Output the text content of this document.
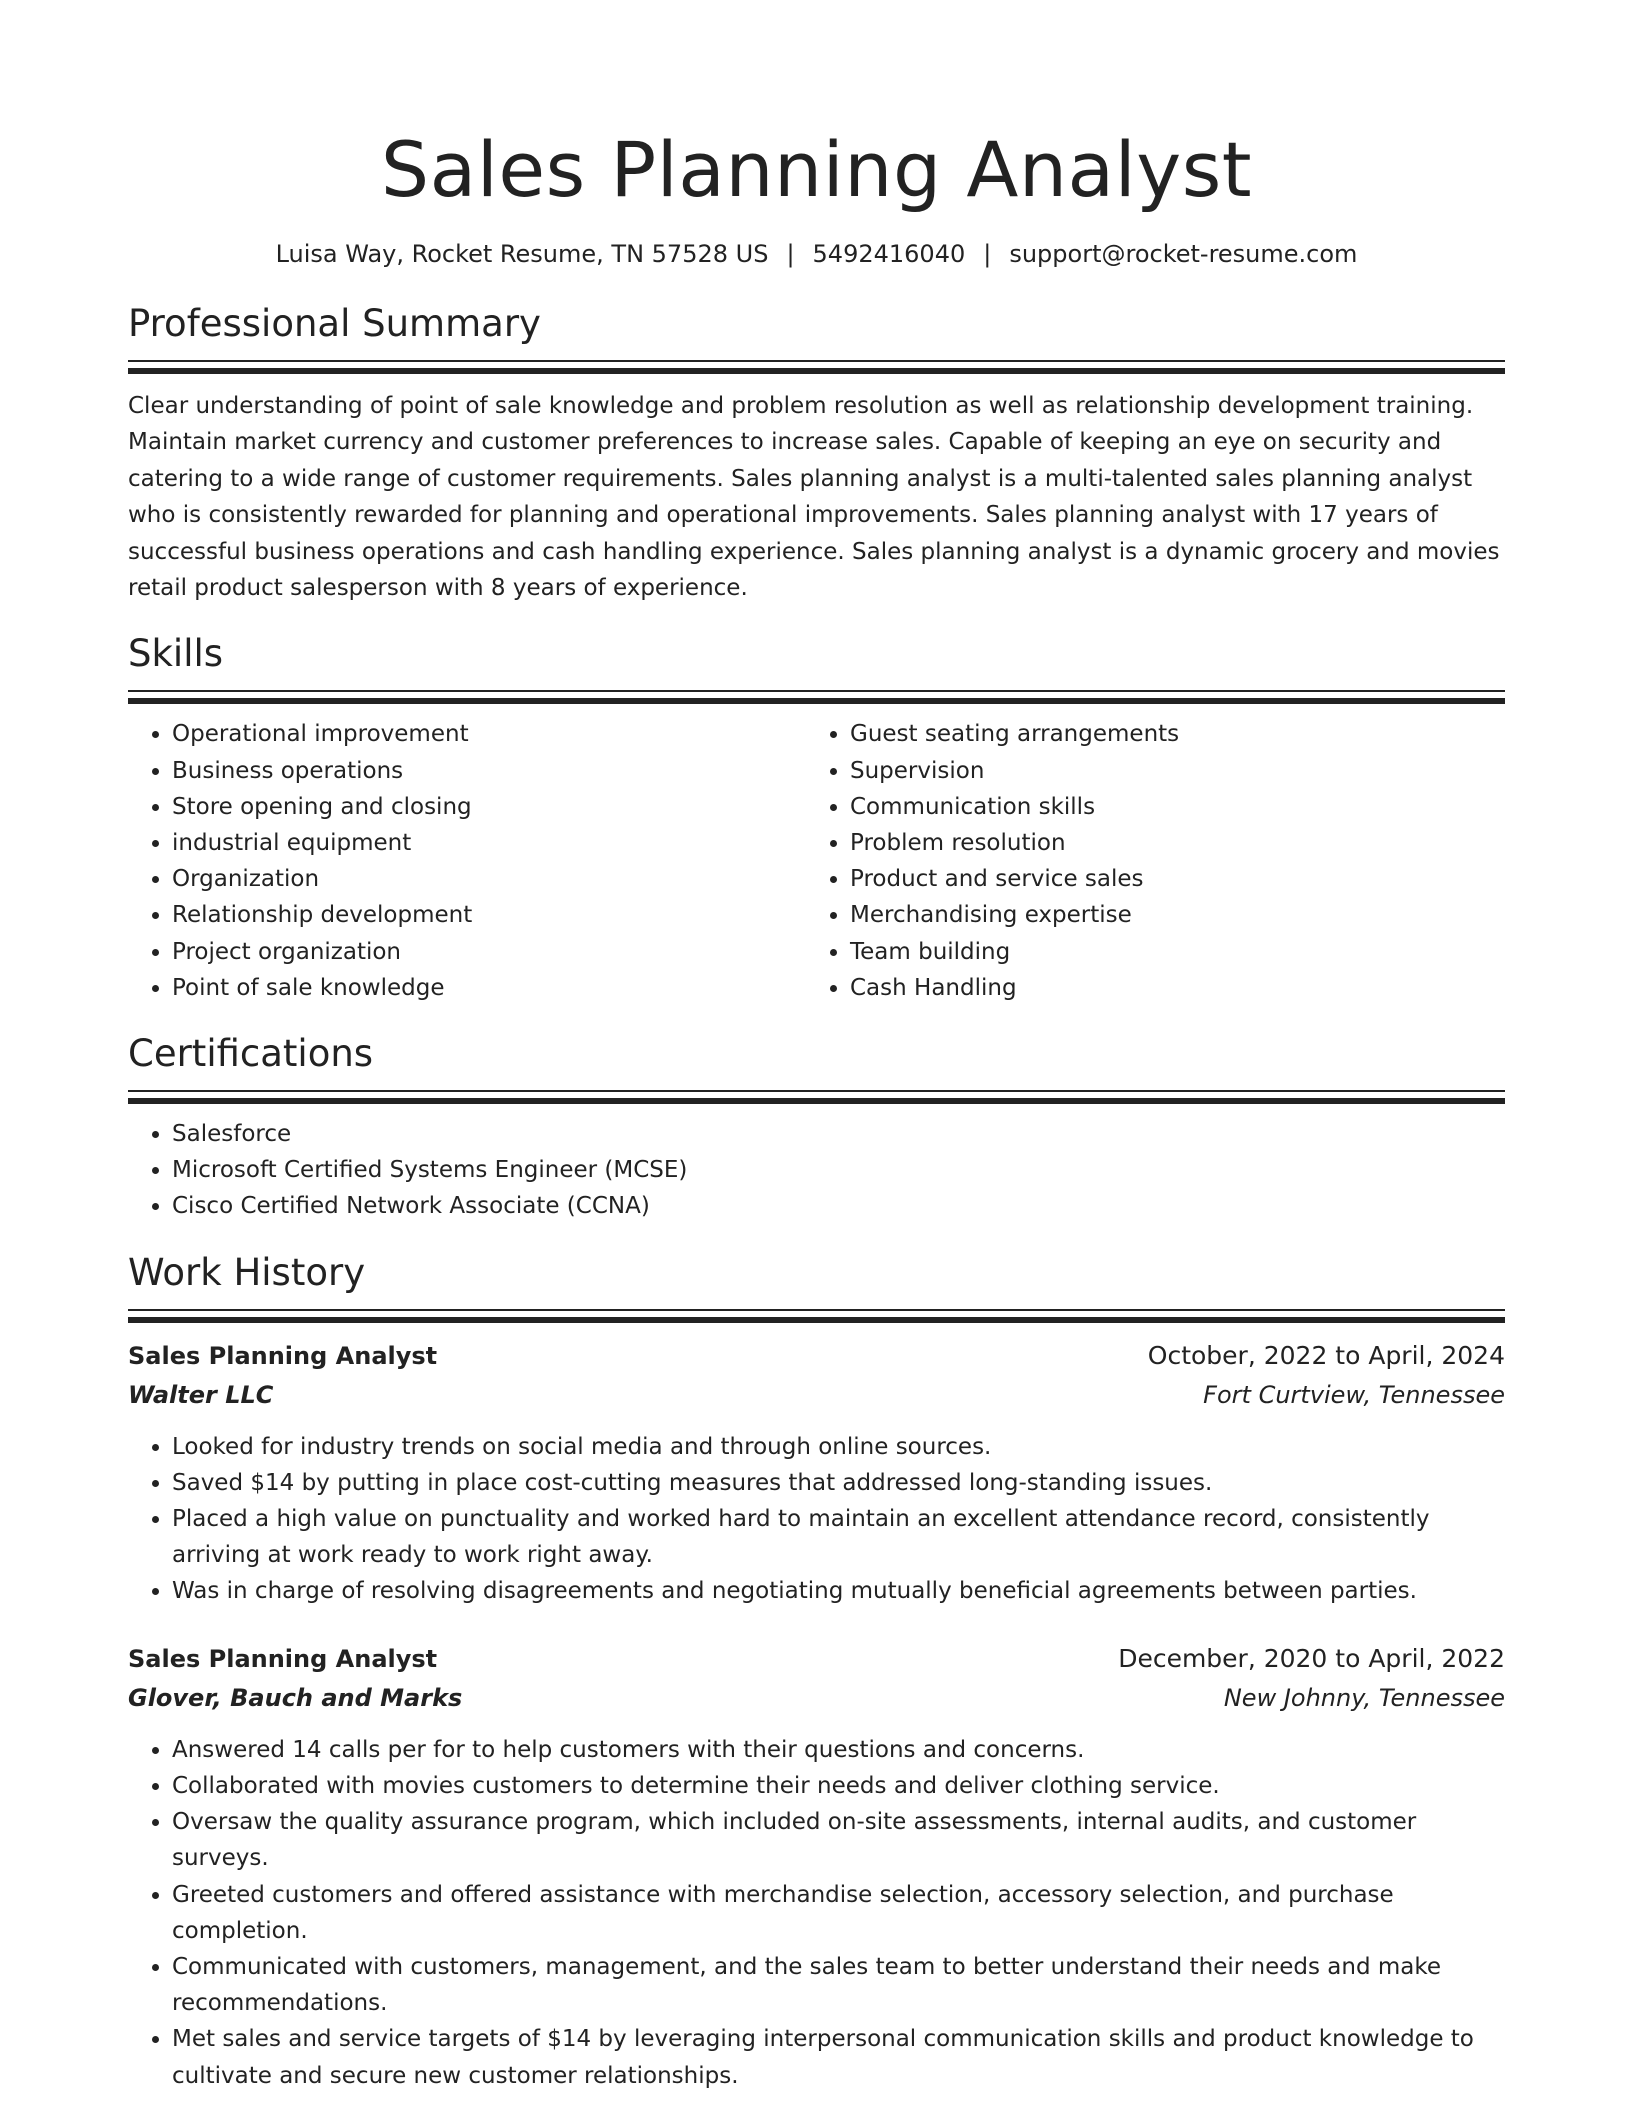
Sales Planning Analyst
Luisa Way, Rocket Resume, TN 57528 US | 5492416040 | support@rocket-resume.com
Professional Summary
Clear understanding of point of sale knowledge and problem resolution as well as relationship development training. Maintain market currency and customer preferences to increase sales. Capable of keeping an eye on security and catering to a wide range of customer requirements. Sales planning analyst is a multi-talented sales planning analyst who is consistently rewarded for planning and operational improvements. Sales planning analyst with 17 years of successful business operations and cash handling experience. Sales planning analyst is a dynamic grocery and movies retail product salesperson with 8 years of experience.
Skills
• Operational improvement
• Business operations
• Store opening and closing
• industrial equipment
• Organization
• Relationship development
• Project organization
• Point of sale knowledge
• Guest seating arrangements
• Supervision
• Communication skills
• Problem resolution
• Product and service sales
• Merchandising expertise
• Team building
• Cash Handling
Certifications
• Salesforce
• Microsoft Certified Systems Engineer (MCSE)
• Cisco Certified Network Associate (CCNA)
Work History
Sales Planning Analyst	October, 2022 to April, 2024
Walter LLC	Fort Curtview, Tennessee
• Looked for industry trends on social media and through online sources.
• Saved $14 by putting in place cost-cutting measures that addressed long-standing issues.
• Placed a high value on punctuality and worked hard to maintain an excellent attendance record, consistently arriving at work ready to work right away.
• Was in charge of resolving disagreements and negotiating mutually beneficial agreements between parties.
Sales Planning Analyst	December, 2020 to April, 2022
Glover, Bauch and Marks	New Johnny, Tennessee
• Answered 14 calls per for to help customers with their questions and concerns.
• Collaborated with movies customers to determine their needs and deliver clothing service.
• Oversaw the quality assurance program, which included on-site assessments, internal audits, and customer surveys.
• Greeted customers and offered assistance with merchandise selection, accessory selection, and purchase completion.
• Communicated with customers, management, and the sales team to better understand their needs and make recommendations.
• Met sales and service targets of $14 by leveraging interpersonal communication skills and product knowledge to cultivate and secure new customer relationships.
